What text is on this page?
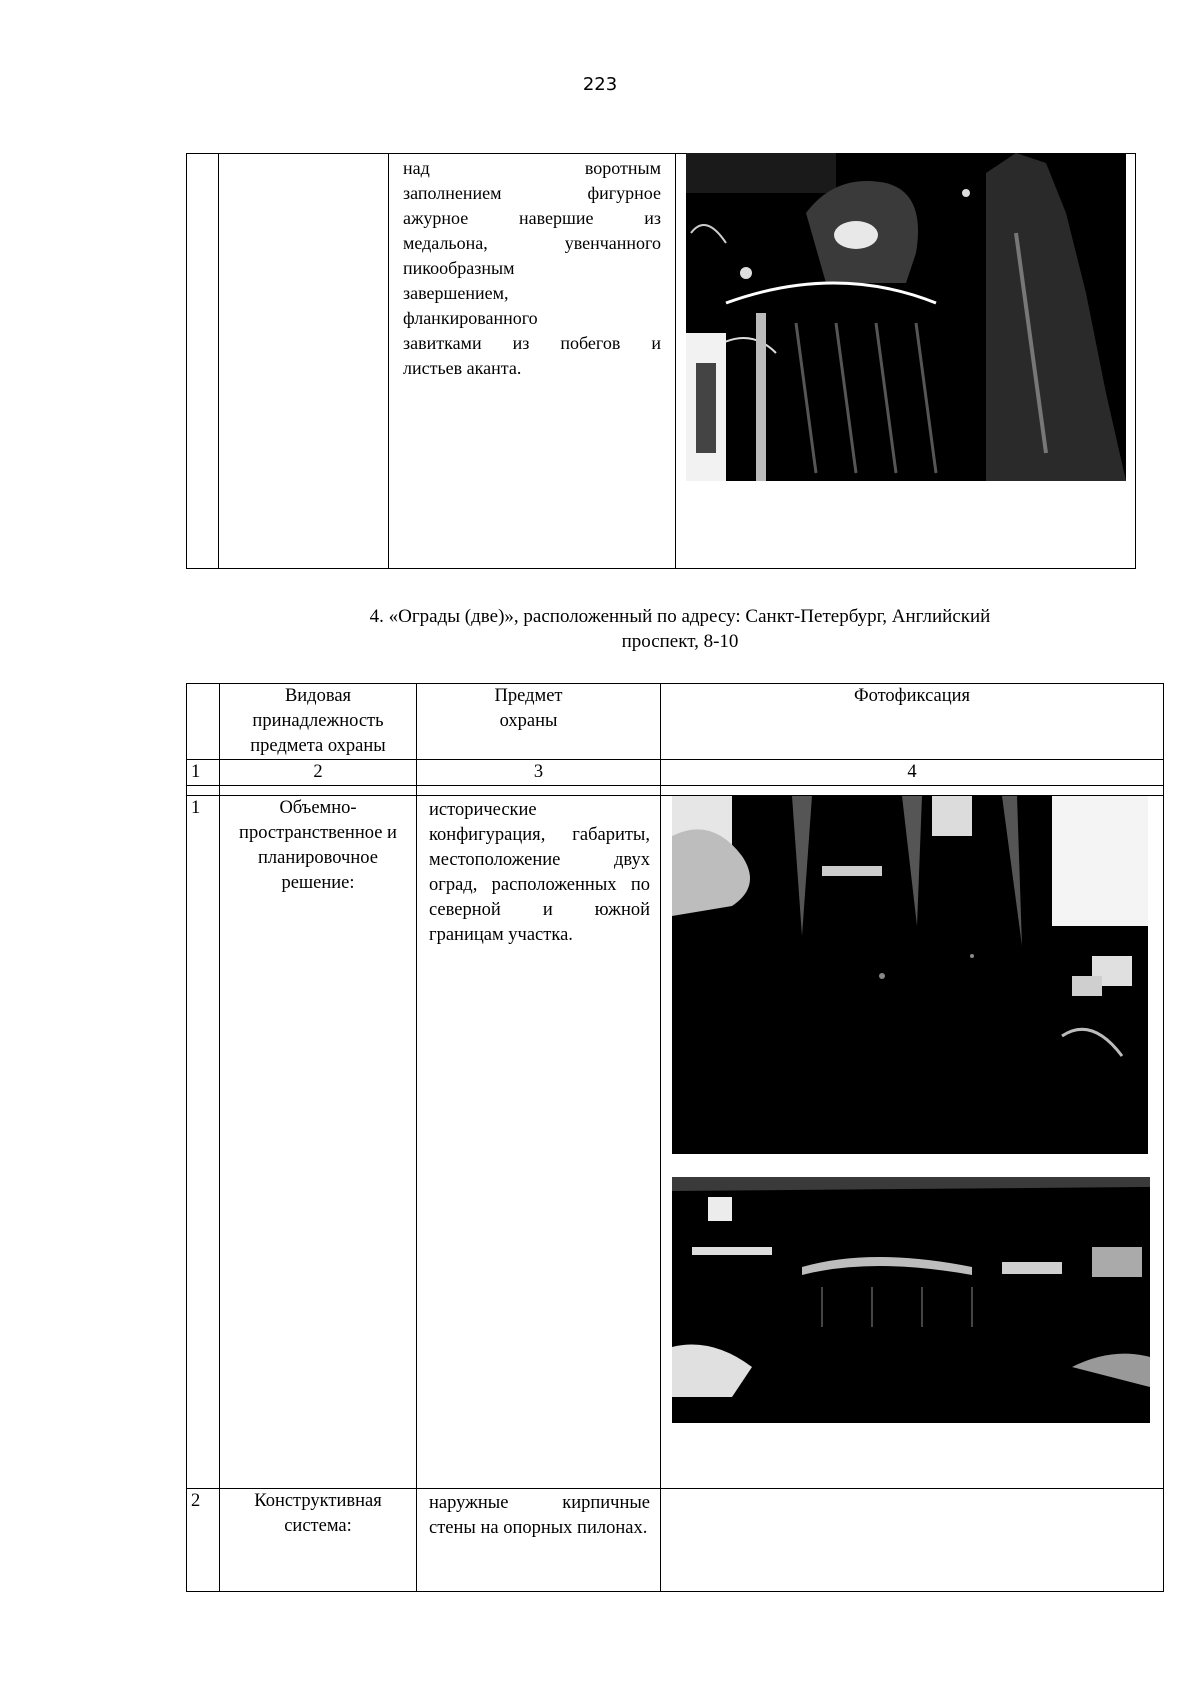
223

над воротным
заполнением фигурное
ажурное навершие из
медальона, увенчанного
пикообразным
завершением,
фланкированного
завитками из побегов и
листьев аканта.

4. «Ограды (две)», расположенный по адресу: Санкт-Петербург, Английский
проспект, 8-10
	Видовая принадлежность предмета охраны	Предмет охраны	Фотофиксация
1	2	3	4

1	Объемно-пространственное и планировочное решение:	исторические конфигурация, габариты, местоположение двух оград, расположенных по северной и южной границам участка.	
2	Конструктивная система:	наружные кирпичные стены на опорных пилонах.	
